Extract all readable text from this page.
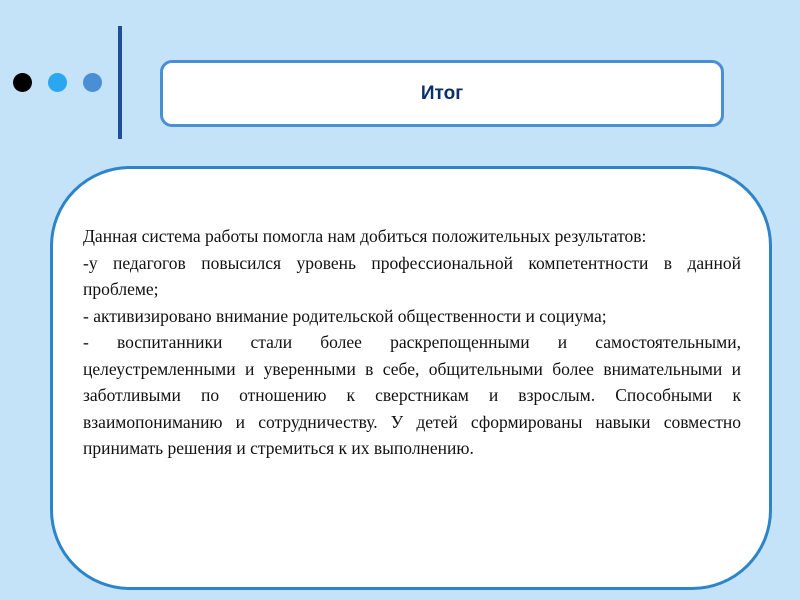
Итог

Данная система работы помогла нам добиться положительных результатов:

-у педагогов повысился уровень профессиональной компетентности в данной проблеме;

- активизировано внимание родительской общественности и социума;

- воспитанники стали более раскрепощенными и самостоятельными, целеустремленными и уверенными в себе, общительными более внимательными и заботливыми по отношению к сверстникам и взрослым. Способными к взаимопониманию и сотрудничеству. У детей сформированы навыки совместно принимать решения и стремиться к их выполнению.
